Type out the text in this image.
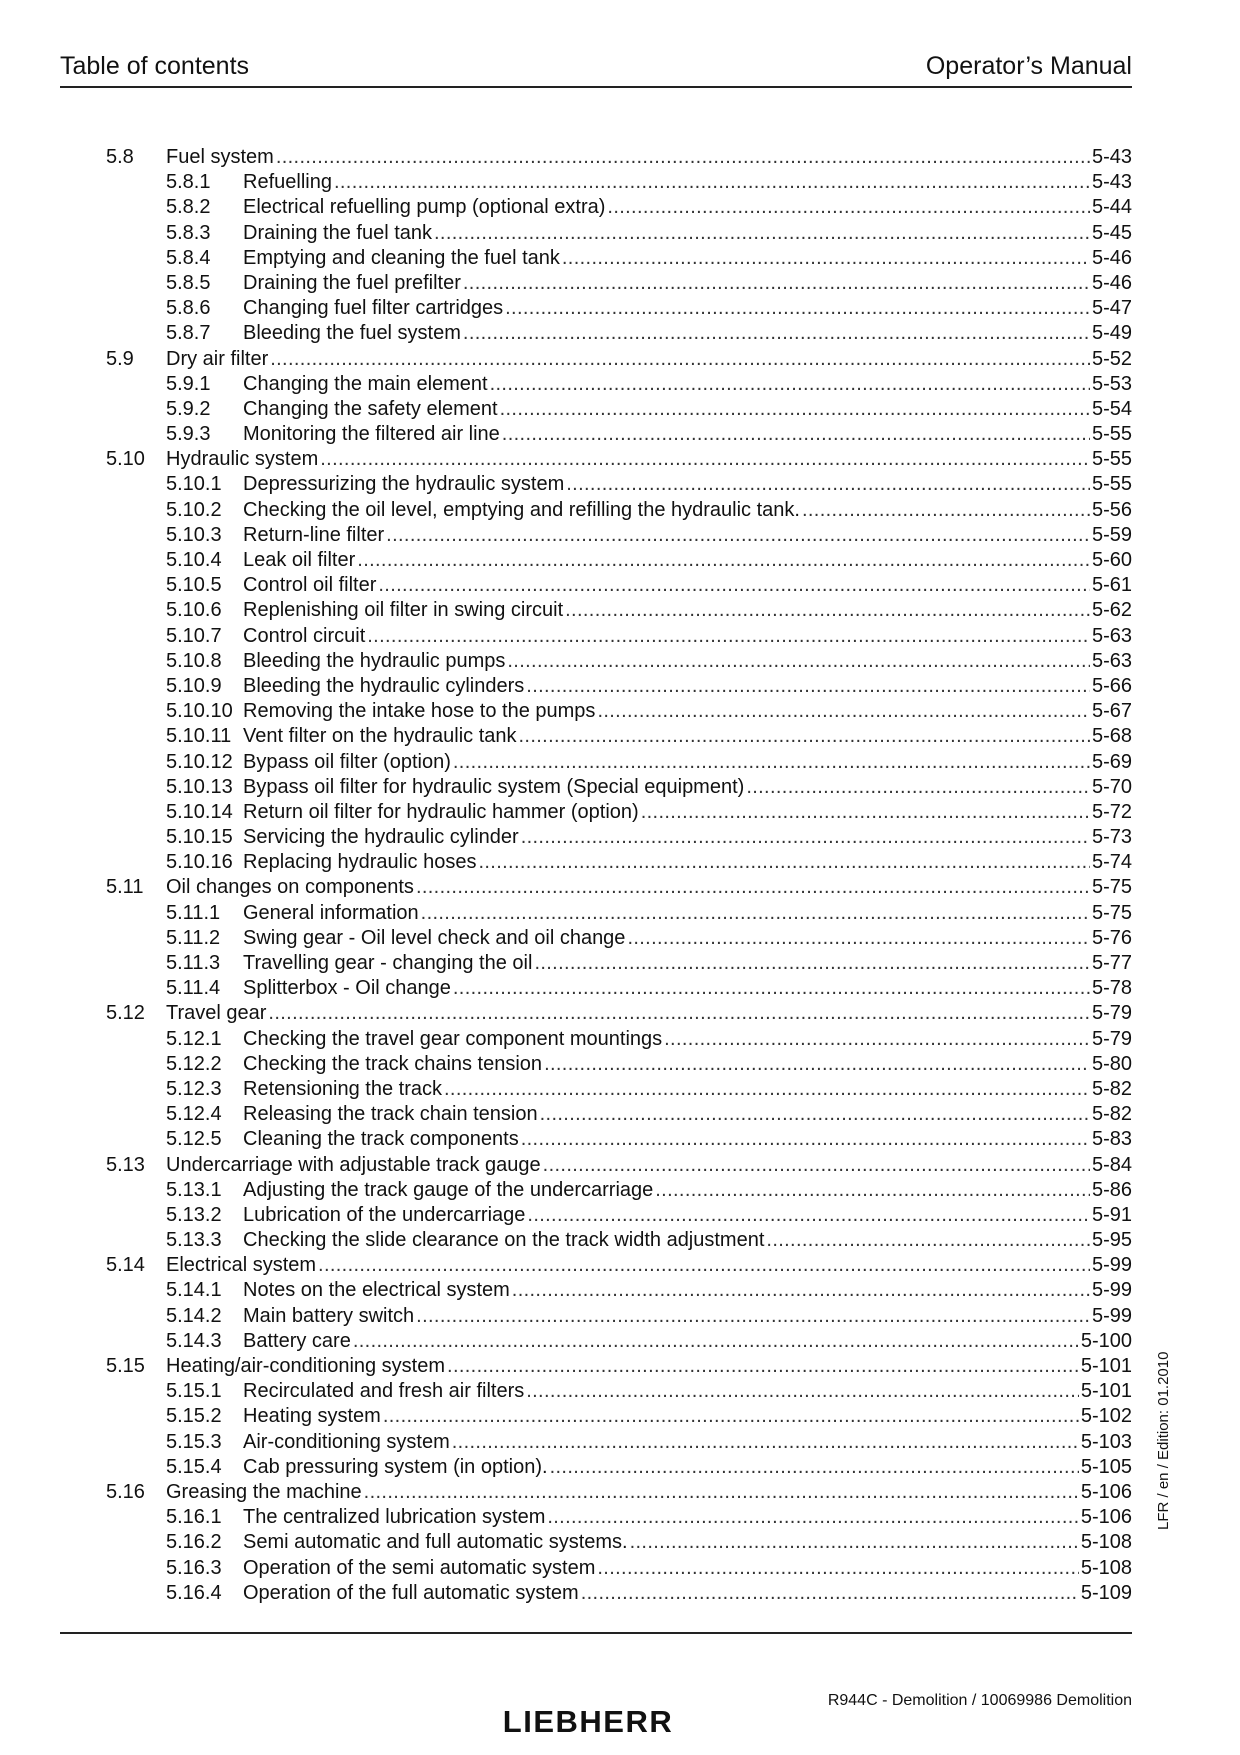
Table of contents	Operator’s Manual
5.8	Fuel system . . .	5-43
5.8.1	Refuelling . . .	5-43
5.8.2	Electrical refuelling pump (optional extra) . . .	5-44
5.8.3	Draining the fuel tank . . .	5-45
5.8.4	Emptying and cleaning the fuel tank . . .	5-46
5.8.5	Draining the fuel prefilter . . .	5-46
5.8.6	Changing fuel filter cartridges . . .	5-47
5.8.7	Bleeding the fuel system . . .	5-49
5.9	Dry air filter . . .	5-52
5.9.1	Changing the main element . . .	5-53
5.9.2	Changing the safety element . . .	5-54
5.9.3	Monitoring the filtered air line . . .	5-55
5.10	Hydraulic system . . .	5-55
5.10.1	Depressurizing the hydraulic system . . .	5-55
5.10.2	Checking the oil level, emptying and refilling the hydraulic tank. . . .	5-56
5.10.3	Return-line filter . . .	5-59
5.10.4	Leak oil filter . . .	5-60
5.10.5	Control oil filter . . .	5-61
5.10.6	Replenishing oil filter in swing circuit . . .	5-62
5.10.7	Control circuit . . .	5-63
5.10.8	Bleeding the hydraulic pumps . . .	5-63
5.10.9	Bleeding the hydraulic cylinders . . .	5-66
5.10.10 Removing the intake hose to the pumps . . .	5-67
5.10.11 Vent filter on the hydraulic tank . . .	5-68
5.10.12 Bypass oil filter (option) . . .	5-69
5.10.13 Bypass oil filter for hydraulic system (Special equipment) . . .	5-70
5.10.14 Return oil filter for hydraulic hammer (option) . . .	5-72
5.10.15 Servicing the hydraulic cylinder . . .	5-73
5.10.16 Replacing hydraulic hoses . . .	5-74
5.11	Oil changes on components . . .	5-75
5.11.1	General information . . .	5-75
5.11.2	Swing gear - Oil level check and oil change . . .	5-76
5.11.3	Travelling gear - changing the oil . . .	5-77
5.11.4	Splitterbox - Oil change . . .	5-78
5.12	Travel gear . . .	5-79
5.12.1	Checking the travel gear component mountings . . .	5-79
5.12.2	Checking the track chains tension . . .	5-80
5.12.3	Retensioning the track . . .	5-82
5.12.4	Releasing the track chain tension . . .	5-82
5.12.5	Cleaning the track components . . .	5-83
5.13	Undercarriage with adjustable track gauge . . .	5-84
5.13.1	Adjusting the track gauge of the undercarriage . . .	5-86
5.13.2	Lubrication of the undercarriage . . .	5-91
5.13.3	Checking the slide clearance on the track width adjustment . . .	5-95
5.14	Electrical system . . .	5-99
5.14.1	Notes on the electrical system . . .	5-99
5.14.2	Main battery switch . . .	5-99
5.14.3	Battery care . . .	5-100
5.15	Heating/air-conditioning system . . .	5-101
5.15.1	Recirculated and fresh air filters . . .	5-101
5.15.2	Heating system . . .	5-102
5.15.3	Air-conditioning system . . .	5-103
5.15.4	Cab pressuring system (in option). . . .	5-105
5.16	Greasing the machine . . .	5-106
5.16.1	The centralized lubrication system . . .	5-106
5.16.2	Semi automatic and full automatic systems. . . .	5-108
5.16.3	Operation of the semi automatic system . . .	5-108
5.16.4	Operation of the full automatic system . . .	5-109
LFR / en / Edition: 01.2010
R944C - Demolition / 10069986 Demolition
LIEBHERR
